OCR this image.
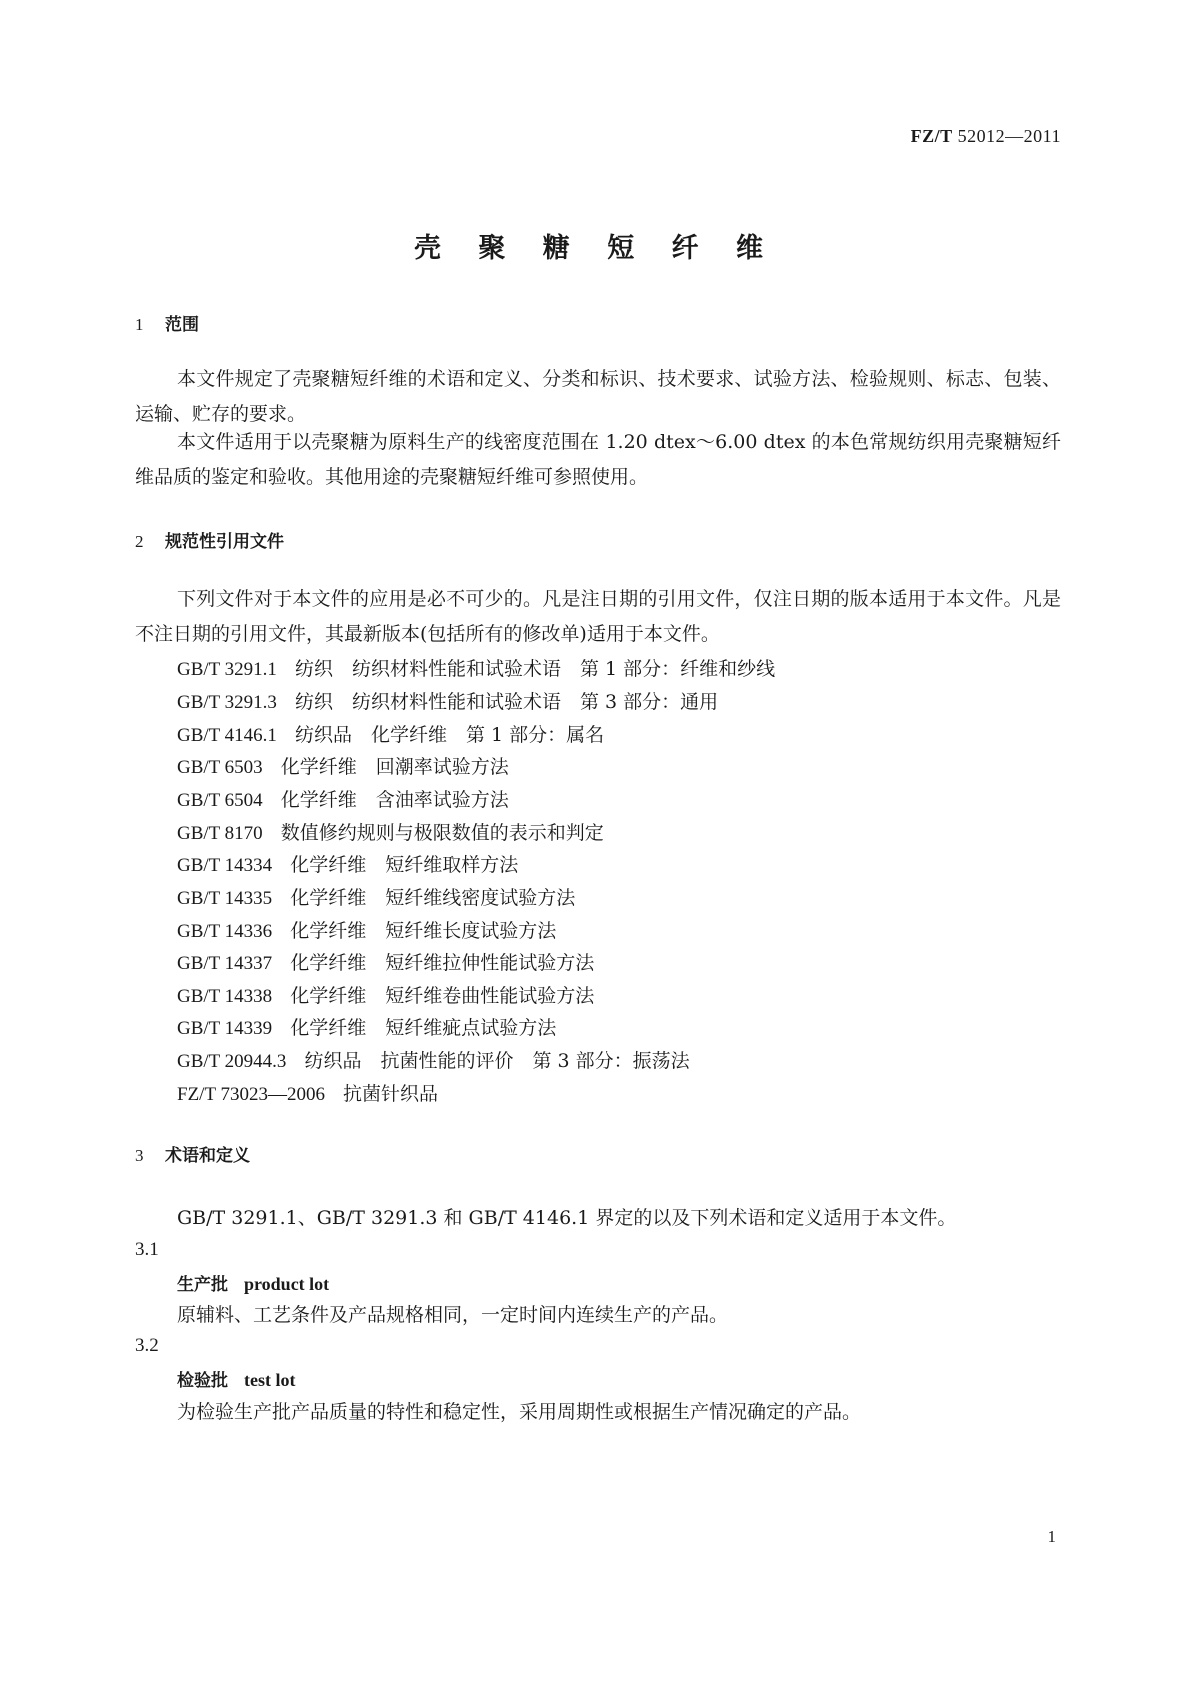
FZ/T 52012—2011
壳 聚 糖 短 纤 维
1 范围
本文件规定了壳聚糖短纤维的术语和定义、分类和标识、技术要求、试验方法、检验规则、标志、包装、运输、贮存的要求。
本文件适用于以壳聚糖为原料生产的线密度范围在 1.20 dtex～6.00 dtex 的本色常规纺织用壳聚糖短纤维品质的鉴定和验收。其他用途的壳聚糖短纤维可参照使用。
2 规范性引用文件
下列文件对于本文件的应用是必不可少的。凡是注日期的引用文件，仅注日期的版本适用于本文件。凡是不注日期的引用文件，其最新版本(包括所有的修改单)适用于本文件。
GB/T 3291.1 纺织　纺织材料性能和试验术语　第 1 部分：纤维和纱线
GB/T 3291.3 纺织　纺织材料性能和试验术语　第 3 部分：通用
GB/T 4146.1 纺织品　化学纤维　第 1 部分：属名
GB/T 6503 化学纤维　回潮率试验方法
GB/T 6504 化学纤维　含油率试验方法
GB/T 8170 数值修约规则与极限数值的表示和判定
GB/T 14334 化学纤维　短纤维取样方法
GB/T 14335 化学纤维　短纤维线密度试验方法
GB/T 14336 化学纤维　短纤维长度试验方法
GB/T 14337 化学纤维　短纤维拉伸性能试验方法
GB/T 14338 化学纤维　短纤维卷曲性能试验方法
GB/T 14339 化学纤维　短纤维疵点试验方法
GB/T 20944.3 纺织品　抗菌性能的评价　第 3 部分：振荡法
FZ/T 73023—2006 抗菌针织品
3 术语和定义
GB/T 3291.1、GB/T 3291.3 和 GB/T 4146.1 界定的以及下列术语和定义适用于本文件。
3.1
生产批 product lot
原辅料、工艺条件及产品规格相同，一定时间内连续生产的产品。
3.2
检验批 test lot
为检验生产批产品质量的特性和稳定性，采用周期性或根据生产情况确定的产品。
1
